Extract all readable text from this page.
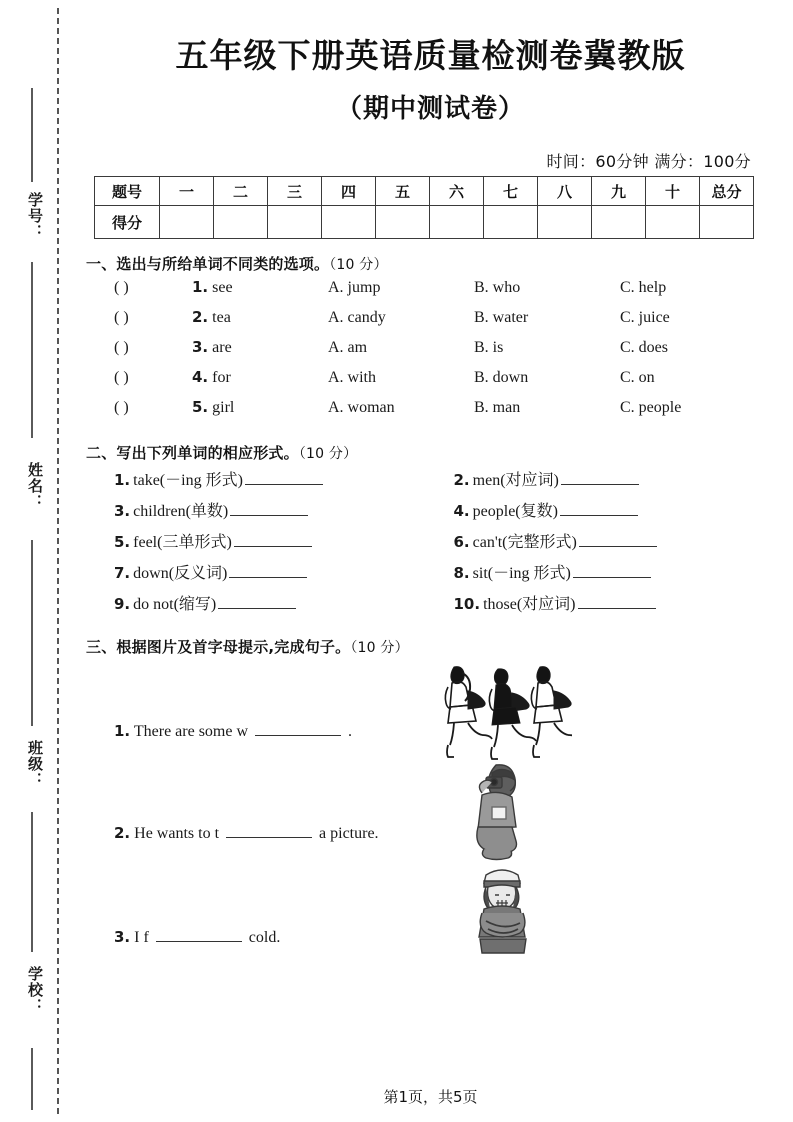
学号：
姓名：
班级：
学校：
五年级下册英语质量检测卷冀教版
（期中测试卷）
时间：60分钟 满分：100分
题号	一	二	三	四	五	六	七	八	九	十	总分
得分											
一、选出与所给单词不同类的选项。（10 分）
( )	1. see	A. jump	B. who	C. help
( )	2. tea	A. candy	B. water	C. juice
( )	3. are	A. am	B. is	C. does
( )	4. for	A. with	B. down	C. on
( )	5. girl	A. woman	B. man	C. people
二、写出下列单词的相应形式。（10 分）
1. take(－ing 形式)	2. men(对应词)
3. children(单数)	4. people(复数)
5. feel(三单形式)	6. can't(完整形式)
7. down(反义词)	8. sit(－ing 形式)
9. do not(缩写)	10. those(对应词)
三、根据图片及首字母提示,完成句子。（10 分）
1. There are some w	.
2. He wants to t	a picture.
3. I f	cold.
第1页，共5页
